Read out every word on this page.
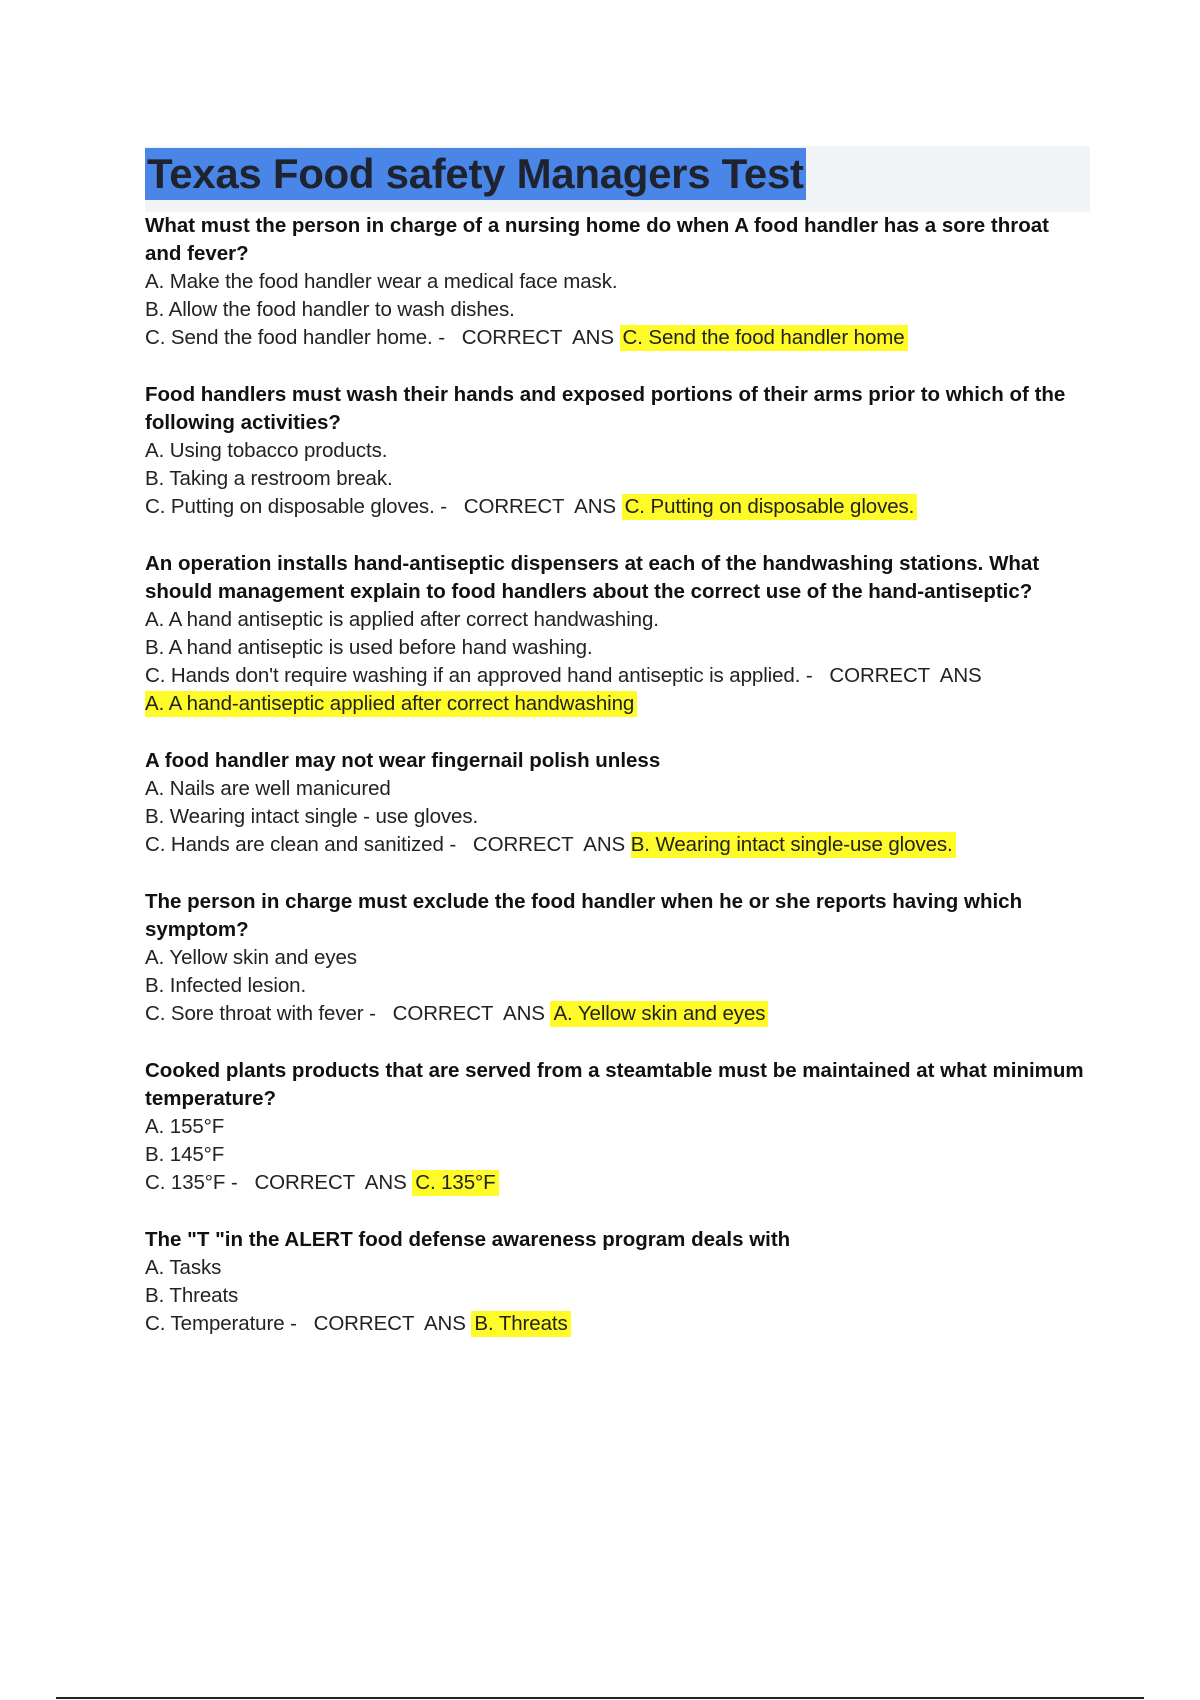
Texas Food safety Managers Test
What must the person in charge of a nursing home do when A food handler has a sore throat and fever?
A. Make the food handler wear a medical face mask.
B. Allow the food handler to wash dishes.
C. Send the food handler home. -   CORRECT  ANS C. Send the food handler home
Food handlers must wash their hands and exposed portions of their arms prior to which of the following activities?
A. Using tobacco products.
B. Taking a restroom break.
C. Putting on disposable gloves. -   CORRECT  ANS C. Putting on disposable gloves.
An operation installs hand-antiseptic dispensers at each of the handwashing stations. What should management explain to food handlers about the correct use of the hand-antiseptic?
A. A hand antiseptic is applied after correct handwashing.
B. A hand antiseptic is used before hand washing.
C. Hands don't require washing if an approved hand antiseptic is applied. -   CORRECT  ANS
A. A hand-antiseptic applied after correct handwashing
A food handler may not wear fingernail polish unless
A. Nails are well manicured
B. Wearing intact single - use gloves.
C. Hands are clean and sanitized -   CORRECT  ANS B. Wearing intact single-use gloves.
The person in charge must exclude the food handler when he or she reports having which symptom?
A. Yellow skin and eyes
B. Infected lesion.
C. Sore throat with fever -   CORRECT  ANS A. Yellow skin and eyes
Cooked plants products that are served from a steamtable must be maintained at what minimum temperature?
A. 155°F
B. 145°F
C. 135°F -   CORRECT  ANS C. 135°F
The "T "in the ALERT food defense awareness program deals with
A. Tasks
B. Threats
C. Temperature -   CORRECT  ANS B. Threats
